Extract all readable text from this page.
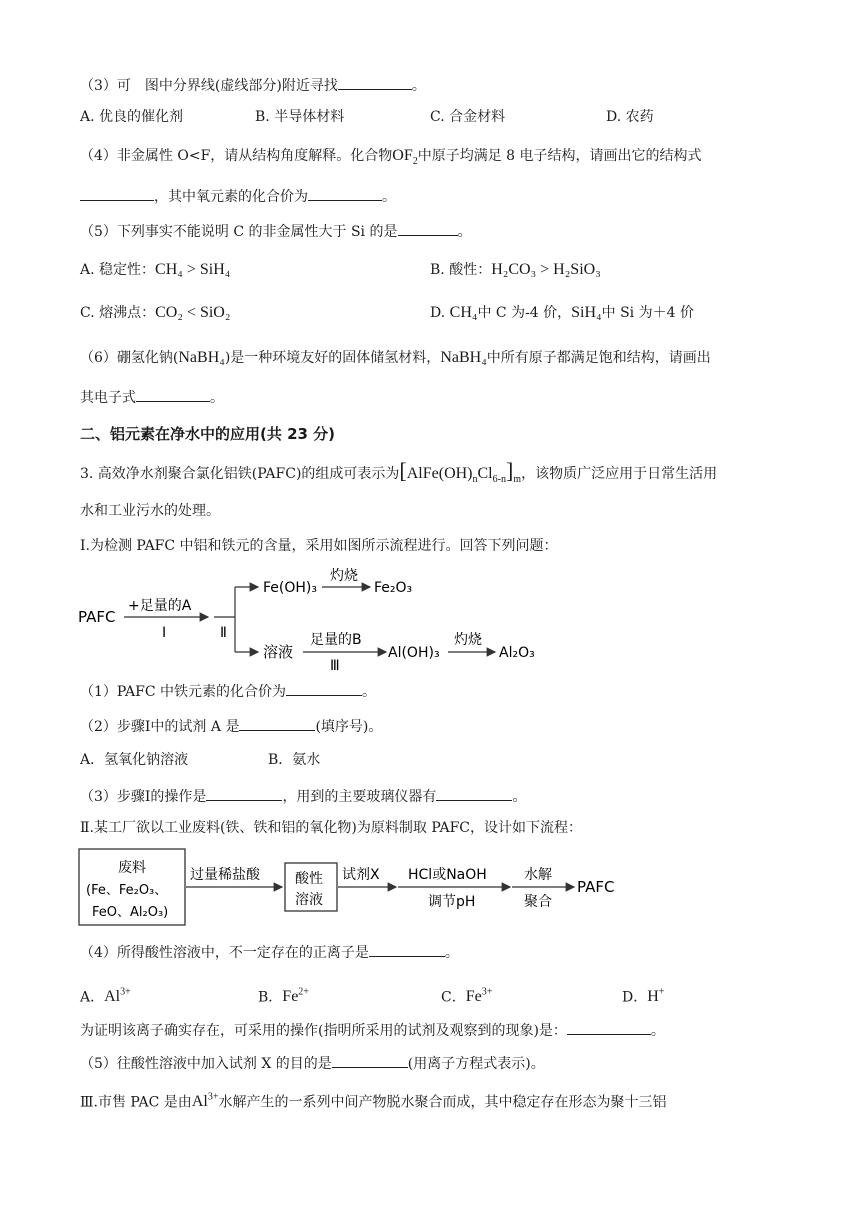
（3）可 图中分界线(虚线部分)附近寻找	。
A. 优良的催化剂	B. 半导体材料	C. 合金材料	D. 农药
（4）非金属性 O<F，请从结构角度解释。化合物$OF_2$中原子均满足 8 电子结构，请画出它的结构式
，其中氧元素的化合价为	。
（5）下列事实不能说明 C 的非金属性大于 Si 的是	。
A. 稳定性：CH₄ > SiH₄	B. 酸性：H₂CO₃ > H₂SiO₃
C. 熔沸点：CO₂ < SiO₂	D. CH₄中 C 为-4 价，SiH₄中 Si 为＋4 价
（6）硼氢化钠(NaBH₄)是一种环境友好的固体储氢材料，NaBH₄中所有原子都满足饱和结构，请画出
其电子式	。
二、铝元素在净水中的应用(共 23 分)
3. 高效净水剂聚合氯化铝铁(PAFC)的组成可表示为$[AlFe(OH)_nCl_{6-n}]_m$，该物质广泛应用于日常生活用
水和工业污水的处理。
Ⅰ.为检测 PAFC 中铝和铁元的含量，采用如图所示流程进行。回答下列问题：
PAFC
+足量的A
Ⅰ	Ⅱ
Fe(OH)₃
灼烧
Fe₂O₃
溶液
足量的B
Ⅲ
Al(OH)₃
灼烧
Al₂O₃
（1）PAFC 中铁元素的化合价为	。
（2）步骤Ⅰ中的试剂 A 是	(填序号)。
A．氢氧化钠溶液	B．氨水
（3）步骤Ⅰ的操作是	，用到的主要玻璃仪器有	。
Ⅱ.某工厂欲以工业废料(铁、铁和铝的氧化物)为原料制取 PAFC，设计如下流程：
废料
(Fe、Fe₂O₃、
FeO、Al₂O₃)
过量稀盐酸	酸性
溶液
试剂X HCl或NaOH
调节pH
水解
聚合
PAFC
（4）所得酸性溶液中，不一定存在的正离子是	。
A．$Al^{3+}$	B．$Fe^{2+}$	C．$Fe^{3+}$	D．H+
为证明该离子确实存在，可采用的操作(指明所采用的试剂及观察到的现象)是：	。
（5）往酸性溶液中加入试剂 X 的目的是	(用离子方程式表示)。
Ⅲ.市售 PAC 是由$Al^{3+}$水解产生的一系列中间产物脱水聚合而成，其中稳定存在形态为聚十三铝
